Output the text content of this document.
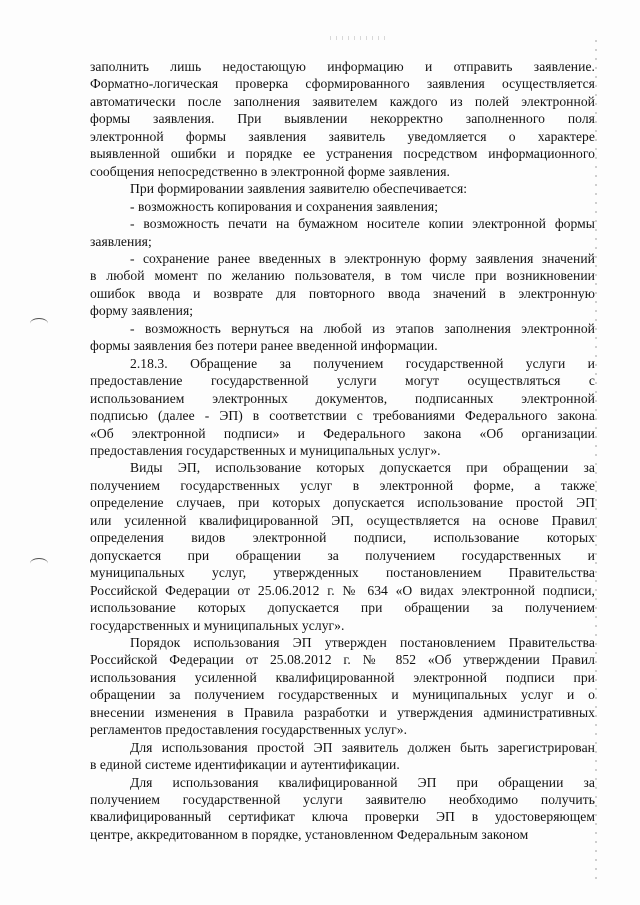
заполнить лишь недостающую информацию и отправить заявление.

Форматно-логическая проверка сформированного заявления осуществляется

автоматически после заполнения заявителем каждого из полей электронной

формы заявления. При выявлении некорректно заполненного поля

электронной формы заявления заявитель уведомляется о характере

выявленной ошибки и порядке ее устранения посредством информационного

сообщения непосредственно в электронной форме заявления.

При формировании заявления заявителю обеспечивается:

- возможность копирования и сохранения заявления;

- возможность печати на бумажном носителе копии электронной формы

заявления;

- сохранение ранее введенных в электронную форму заявления значений

в любой момент по желанию пользователя, в том числе при возникновении

ошибок ввода и возврате для повторного ввода значений в электронную

форму заявления;

- возможность вернуться на любой из этапов заполнения электронной

формы заявления без потери ранее введенной информации.

2.18.3. Обращение за получением государственной услуги и

предоставление государственной услуги могут осуществляться с

использованием электронных документов, подписанных электронной

подписью (далее - ЭП) в соответствии с требованиями Федерального закона

«Об электронной подписи» и Федерального закона «Об организации

предоставления государственных и муниципальных услуг».

Виды ЭП, использование которых допускается при обращении за

получением государственных услуг в электронной форме, а также

определение случаев, при которых допускается использование простой ЭП

или усиленной квалифицированной ЭП, осуществляется на основе Правил

определения видов электронной подписи, использование которых

допускается при обращении за получением государственных и

муниципальных услуг, утвержденных постановлением Правительства

Российской Федерации от 25.06.2012 г. № 634 «О видах электронной подписи,

использование которых допускается при обращении за получением

государственных и муниципальных услуг».

Порядок использования ЭП утвержден постановлением Правительства

Российской Федерации от 25.08.2012 г. № 852 «Об утверждении Правил

использования усиленной квалифицированной электронной подписи при

обращении за получением государственных и муниципальных услуг и о

внесении изменения в Правила разработки и утверждения административных

регламентов предоставления государственных услуг».

Для использования простой ЭП заявитель должен быть зарегистрирован

в единой системе идентификации и аутентификации.

Для использования квалифицированной ЭП при обращении за

получением государственной услуги заявителю необходимо получить

квалифицированный сертификат ключа проверки ЭП в удостоверяющем

центре, аккредитованном в порядке, установленном Федеральным законом
